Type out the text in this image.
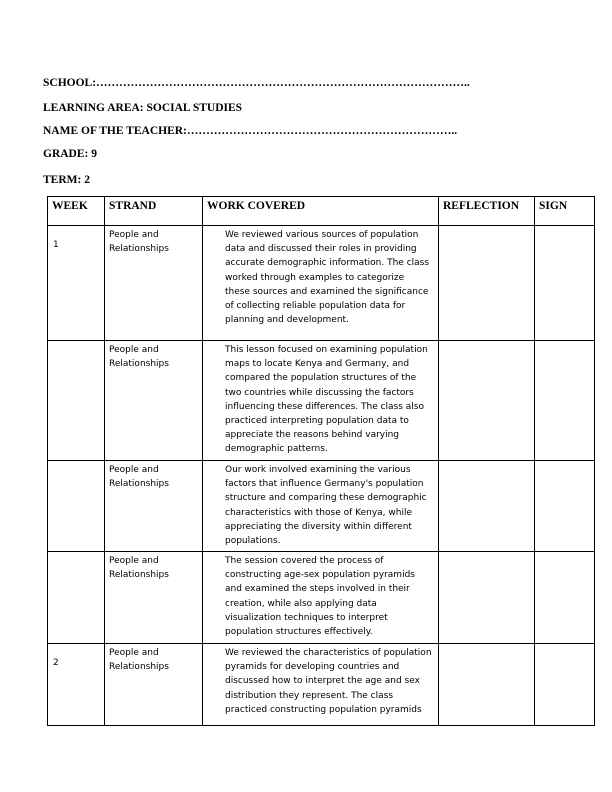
SCHOOL:……………………………………………………………………………………..
LEARNING AREA: SOCIAL STUDIES
NAME OF THE TEACHER:……………………………………………………………..
GRADE: 9
TERM: 2
WEEK	STRAND	WORK COVERED	REFLECTION	SIGN
1	People and Relationships	We reviewed various sources of population data and discussed their roles in providing accurate demographic information. The class worked through examples to categorize these sources and examined the significance of collecting reliable population data for planning and development.		
	People and Relationships	This lesson focused on examining population maps to locate Kenya and Germany, and compared the population structures of the two countries while discussing the factors influencing these differences. The class also practiced interpreting population data to appreciate the reasons behind varying demographic patterns.		
	People and Relationships	Our work involved examining the various factors that influence Germany's population structure and comparing these demographic characteristics with those of Kenya, while appreciating the diversity within different populations.		
	People and Relationships	The session covered the process of constructing age-sex population pyramids and examined the steps involved in their creation, while also applying data visualization techniques to interpret population structures effectively.		
2	People and Relationships	We reviewed the characteristics of population pyramids for developing countries and discussed how to interpret the age and sex distribution they represent. The class practiced constructing population pyramids		
